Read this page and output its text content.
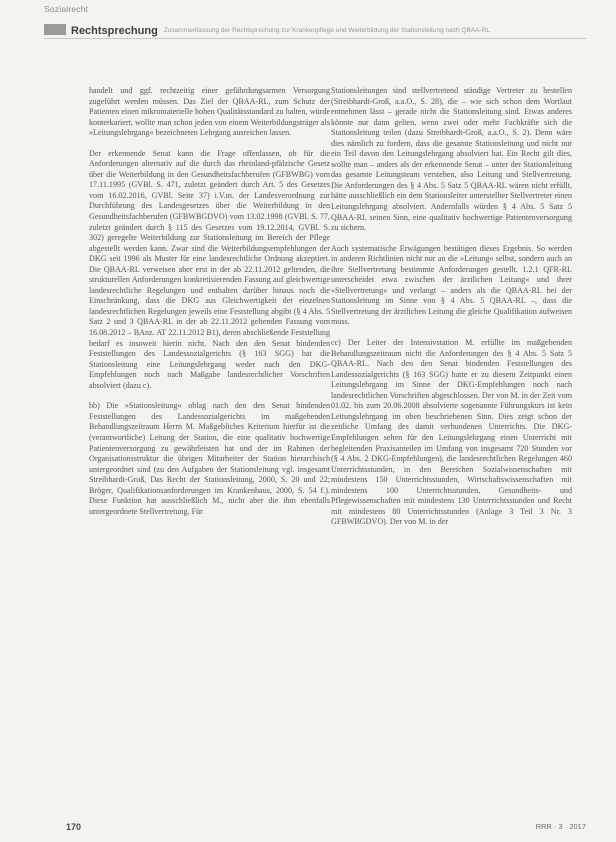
Sozialrecht
Rechtsprechung Zusammenfassung der Rechtsprechung zur Krankenpflege und Weiterbildung der Stationsleitung nach QBAA-RL

handelt und ggf. rechtzeitig einer gefährdungsarmen Versorgung zugeführt werden müssen. Das Ziel der QBAA-RL, zum Schutz der Patienten einen mikromaterielle hohen Qualitätsstandard zu halten, würde konterkariert, wollte man schon jeden von einem Weiterbildungsträger als »Leitungslehrgang« bezeichneten Lehrgang ausreichen lassen.

Der erkennende Senat kann die Frage offenlassen, ob für die Anforderungen alternativ auf die durch das rheinland-pfälzische Gesetz über die Weiterbildung in den Gesundheitsfachberufen (GFBWBG) vom 17.11.1995 (GVBl. S. 471, zuletzt geändert durch Art. 5 des Gesetzes vom 16.02.2016, GVBl. Seite 37) i.V.m. der Landesverordnung zur Durchführung des Landesgesetzes über die Weiterbildung in den Gesundheitsfachberufen (GFBWBGDVO) vom 13.02.1998 (GVBl. S. 77, zuletzt geändert durch § 115 des Gesetzes vom 19.12.2014, GVBl. S. 302) geregelte Weiterbildung zur Stationsleitung im Bereich der Pflege abgestellt werden kann. Zwar sind die Weiterbildungsempfehlungen der DKG seit 1996 als Muster für eine landesrechtliche Ordnung akzeptiert. Die QBAA-RL verweisen aber erst in der ab 22.11.2012 geltenden, die strukturellen Anforderungen konkretisierenden Fassung auf gleichwertige landesrechtliche Regelungen und enthalten darüber hinaus noch die Einschränkung, dass die DKG aus Gleichwertigkeit der einzelnen landesrechtlichen Regelungen jeweils eine Feststellung abgibt (§ 4 Abs. 5 Satz 2 und 3 QBAA-RL in der ab 22.11.2012 geltenden Fassung vom 16.08.2012 – BAnz. AT 22.11.2012 B1), deren abschließende Feststellung bedarf es insoweit hierin nicht. Nach den den Senat bindenden Feststellungen des Landessozialgerichts (§ 163 SGG) hat die Stationsleitung eine Leitungslehrgang weder nach den DKG-Empfehlungen noch nach Maßgabe landesrechtlicher Vorschriften absolviert (dazu c).

bb) Die »Stationsleitung« oblag nach den den Senat bindenden Feststellungen des Landessozialgerichts im maßgebenden Behandlungszeitraum Herrn M. Maßgebliches Kriterium hierfür ist die (verantwortliche) Leitung der Station, die eine qualitativ hochwertige Patientenversorgung zu gewährleisten hat und der im Rahmen der Organisationsstruktur die übrigen Mitarbeiter der Station hierarchisch untergeordnet sind (zu den Aufgaben der Stationsleitung vgl. insgesamt Streibhardt-Groß, Das Recht der Stationsleitung, 2000, S. 20 und 22; Bröger, Qualifikationsanforderungen im Krankenhaus, 2000, S. 54 f.). Diese Funktion hat ausschließlich M., nicht aber die ihm ebenfalls untergeordnete Stellvertretung. Für

Stationsleitungen sind stellvertretend ständige Vertreter zu bestellen (Streibhardt-Groß, a.a.O., S. 28), die – wie sich schon dem Wortlaut entnehmen lässt – gerade nicht die Stationsleitung sind. Etwas anderes könnte nur dann gelten, wenn zwei oder mehr Fachkräfte sich die Stationsleitung teilen (dazu Streibhardt-Groß, a.a.O., S. 2). Denn wäre dies nämlich zu fordern, dass die gesamte Stationsleitung und nicht nur ein Teil davon den Leitungslehrgang absolviert hat. Ein Recht gilt dies, wollte man – anders als der erkennende Senat – unter der Stationsleitung das gesamte Leitungsteam verstehen, also Leitung und Stellvertretung. Die Anforderungen des § 4 Abs. 5 Satz 5 QBAA-RL wären nicht erfüllt, hätte ausschließlich ein dem Stationsleiter unterstellter Stellvertreter einen Leitungslehrgang absolviert. Andernfalls würden § 4 Abs. 5 Satz 5 QBAA-RL seinen Sinn, eine qualitativ hochwertige Patientenversorgung zu sichern.

Auch systematische Erwägungen bestätigen dieses Ergebnis. So werden in anderen Richtlinien nicht nur an die »Leitung« selbst, sondern auch an ihre Stellvertretung bestimmte Anforderungen gestellt. 1.2.1 QFR-RL unterscheidet etwa zwischen der ärztlichen Leitung« und ihrer »Stellvertretung« und verlangt – anders als die QBAA-RL bei der Stationsleitung im Sinne von § 4 Abs. 5 QBAA-RL –, dass die Stellvertretung der ärztlichen Leitung die gleiche Qualifikation aufweisen muss.

cc) Der Leiter der Intensivstation M. erfüllte im maßgebenden Behandlungszeitraum nicht die Anforderungen des § 4 Abs. 5 Satz 5 QBAA-RL. Nach den den Senat bindenden Feststellungen des Landessozialgerichts (§ 163 SGG) hatte er zu diesem Zeitpunkt einen Leitungslehrgang im Sinne der DKG-Empfehlungen noch nach landesrechtlichen Vorschriften abgeschlossen. Der von M. in der Zeit vom 01.02. bis zum 20.06.2008 absolvierte sogenannte Führungskurs ist kein Leitungslehrgang im oben beschriebenen Sinn. Dies zeigt schon der zeitliche Umfang des damit verbundenen Unterrichts. Die DKG-Empfehlungen sehen für den Leitungslehrgang einen Unterricht mit begleitenden Praxisanteilen im Umfang von insgesamt 720 Stunden vor (§ 4 Abs. 2 DKG-Empfehlungen), die landesrechtlichen Regelungen 460 Unterrichtsstunden, in den Bereichen Sozialwissenschaften mit mindestens 150 Unterrichtsstunden, Wirtschaftswissenschaften mit mindestens 100 Unterrichtsstunden, Gesundheits- und Pflegewissenschaften mit mindestens 130 Unterrichtsstunden und Recht mit mindestens 80 Unterrichtsstunden (Anlage 3 Teil 3 Nr. 3 GFBWBGDVO). Der von M. in der

170	RRR · 3 · 2017
